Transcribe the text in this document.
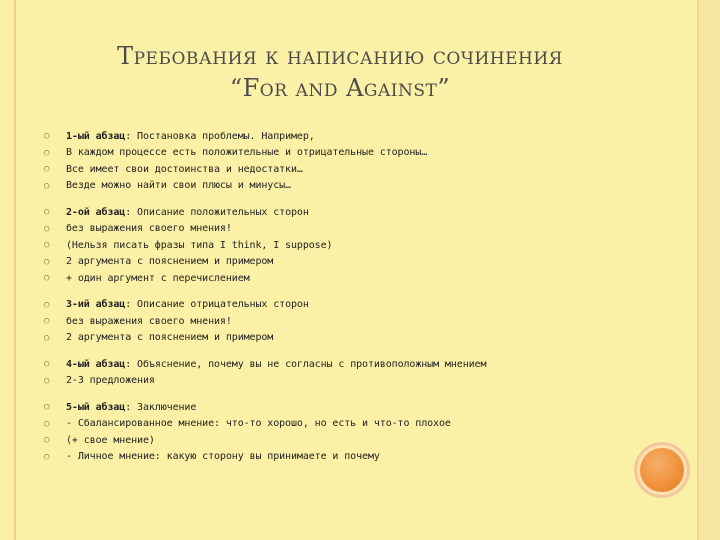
Требования к написанию сочинения
“For and Against”
○	1-ый абзац: Постановка проблемы. Например,
○	В каждом процессе есть положительные и отрицательные стороны…
○	Все имеет свои достоинства и недостатки…
○	Везде можно найти свои плюсы и минусы…
○	2-ой абзац: Описание положительных сторон
○	без выражения своего мнения!
○	(Нельзя писать фразы типа I think, I suppose)
○	2 аргумента с пояснением и примером
○	+ один аргумент с перечислением
○	3-ий абзац: Описание отрицательных сторон
○	без выражения своего мнения!
○	2 аргумента с пояснением и примером
○	4-ый абзац: Объяснение, почему вы не согласны с противоположным мнением
○	2-3 предложения
○	5-ый абзац: Заключение
○	- Сбалансированное мнение: что-то хорошо, но есть и что-то плохое
○	(+ свое мнение)
○	- Личное мнение: какую сторону вы принимаете и почему
